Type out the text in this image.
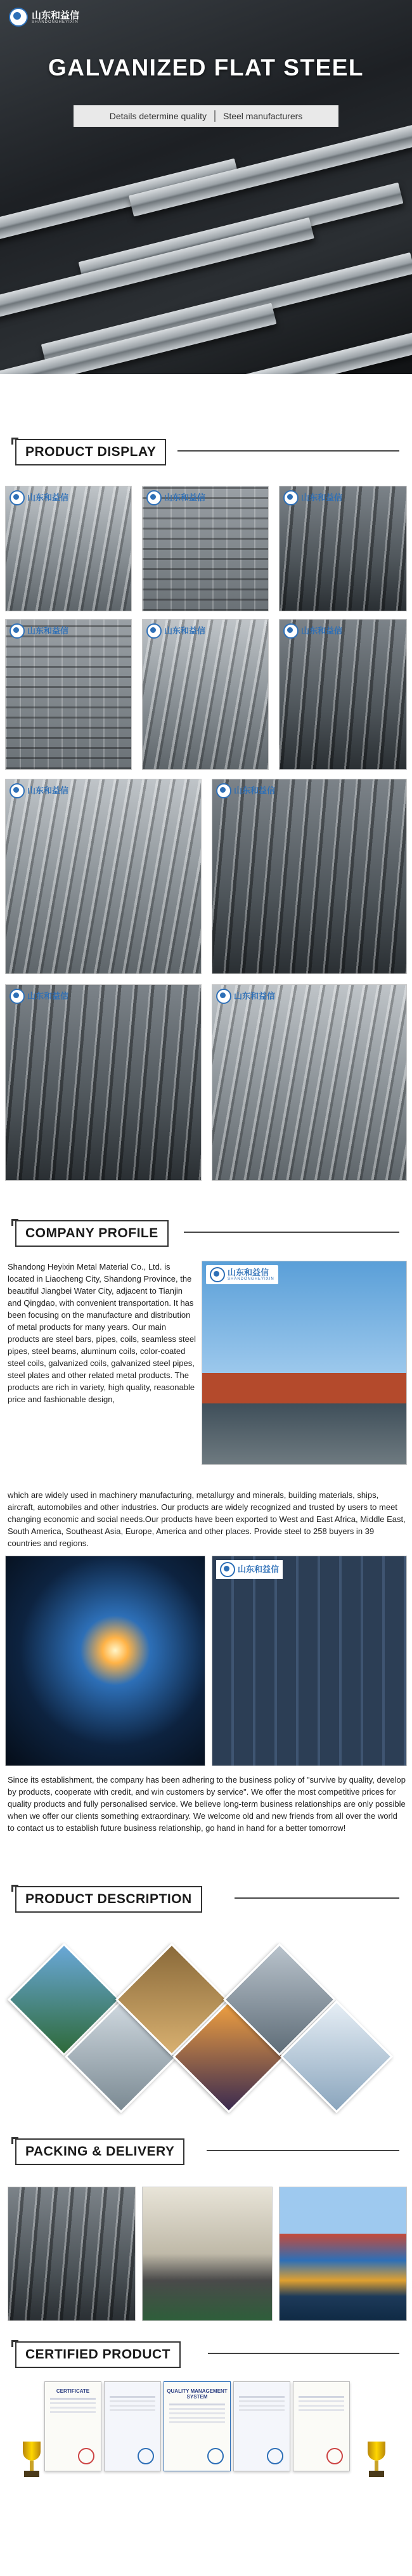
山东和益信
SHANDONGHEYIXIN
GALVANIZED FLAT STEEL
Details determine quality Steel manufacturers
PRODUCT DISPLAY
山东和益信	山东和益信	山东和益信
山东和益信	山东和益信	山东和益信
山东和益信	山东和益信
山东和益信	山东和益信
COMPANY PROFILE
Shandong Heyixin Metal Material Co., Ltd. is located in Liaocheng City, Shandong Province, the beautiful Jiangbei Water City, adjacent to Tianjin and Qingdao, with convenient transportation. It has been focusing on the manufacture and distribution of metal products for many years. Our main products are steel bars, pipes, coils, seamless steel pipes, steel beams, aluminum coils, color-coated steel coils, galvanized coils, galvanized steel pipes, steel plates and other related metal products. The products are rich in variety, high quality, reasonable price and fashionable design,
山东和益信
SHANDONGHEYIXIN
which are widely used in machinery manufacturing, metallurgy and minerals, building materials, ships, aircraft, automobiles and other industries. Our products are widely recognized and trusted by users to meet changing economic and social needs.Our products have been exported to West and East Africa, Middle East, South America, Southeast Asia, Europe, America and other places. Provide steel to 258 buyers in 39 countries and regions.
山东和益信
Since its establishment, the company has been adhering to the business policy of "survive by quality, develop by products, cooperate with credit, and win customers by service". We offer the most competitive prices for quality products and fully personalised service. We believe long-term business relationships are only possible when we offer our clients something extraordinary. We welcome old and new friends from all over the world to contact us to establish future business relationship, go hand in hand for a better tomorrow!
PRODUCT DESCRIPTION
PACKING & DELIVERY
CERTIFIED PRODUCT
CERTIFICATE	QUALITY MANAGEMENT SYSTEM
